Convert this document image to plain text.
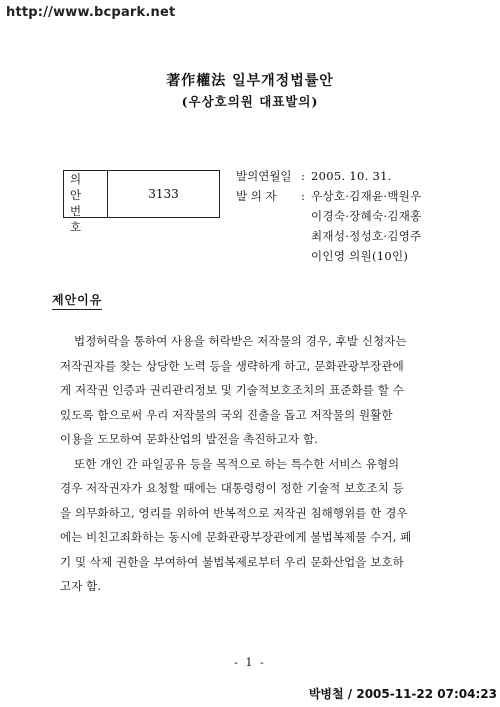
http://www.bcpark.net
著作權法 일부개정법률안
(우상호의원 대표발의)
의 안
번 호
3133
발의연월일 : 2005. 10. 31.
발 의 자	: 우상호·김재윤·백원우
이경숙·장혜숙·김재홍
최재성·정성호·김영주
이인영 의원(10인)
제안이유
법정허락을 통하여 사용을 허락받은 저작물의 경우, 후발 신청자는
저작권자를 찾는 상당한 노력 등을 생략하게 하고, 문화관광부장관에
게 저작권 인증과 권리관리정보 및 기술적보호조치의 표준화를 할 수
있도록 함으로써 우리 저작물의 국외 진출을 돕고 저작물의 원활한
이용을 도모하여 문화산업의 발전을 촉진하고자 함.
또한 개인 간 파일공유 등을 목적으로 하는 특수한 서비스 유형의
경우 저작권자가 요청할 때에는 대통령령이 정한 기술적 보호조치 등
을 의무화하고, 영리를 위하여 반복적으로 저작권 침해행위를 한 경우
에는 비친고죄화하는 동시에 문화관광부장관에게 불법복제물 수거, 폐
기 및 삭제 권한을 부여하여 불법복제로부터 우리 문화산업을 보호하
고자 함.
- 1 -
박병철 / 2005-11-22 07:04:23
